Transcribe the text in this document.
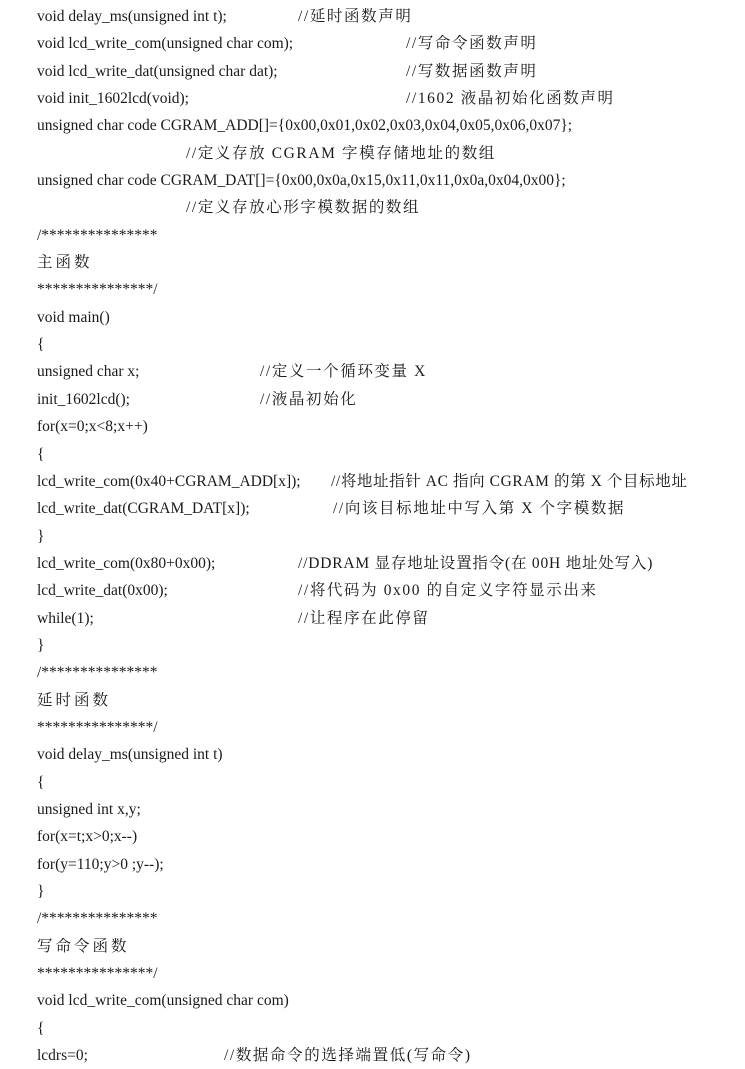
void delay_ms(unsigned int t);	//延时函数声明
void lcd_write_com(unsigned char com);	//写命令函数声明
void lcd_write_dat(unsigned char dat);	//写数据函数声明
void init_1602lcd(void);	//1602 液晶初始化函数声明
unsigned char code CGRAM_ADD[]={0x00,0x01,0x02,0x03,0x04,0x05,0x06,0x07};
//定义存放 CGRAM 字模存储地址的数组
unsigned char code CGRAM_DAT[]={0x00,0x0a,0x15,0x11,0x11,0x0a,0x04,0x00};
//定义存放心形字模数据的数组
/***************
主函数
***************/
void main()
{
unsigned char x;	//定义一个循环变量 X
init_1602lcd();	//液晶初始化
for(x=0;x<8;x++)
{
lcd_write_com(0x40+CGRAM_ADD[x]); //将地址指针 AC 指向 CGRAM 的第 X 个目标地址
lcd_write_dat(CGRAM_DAT[x]);	//向该目标地址中写入第 X 个字模数据
}
lcd_write_com(0x80+0x00);	//DDRAM 显存地址设置指令(在 00H 地址处写入)
lcd_write_dat(0x00);	//将代码为 0x00 的自定义字符显示出来
while(1);	//让程序在此停留
}
/***************
延时函数
***************/
void delay_ms(unsigned int t)
{
unsigned int x,y;
for(x=t;x>0;x--)
for(y=110;y>0 ;y--);
}
/***************
写命令函数
***************/
void lcd_write_com(unsigned char com)
{
lcdrs=0;	//数据命令的选择端置低(写命令)
